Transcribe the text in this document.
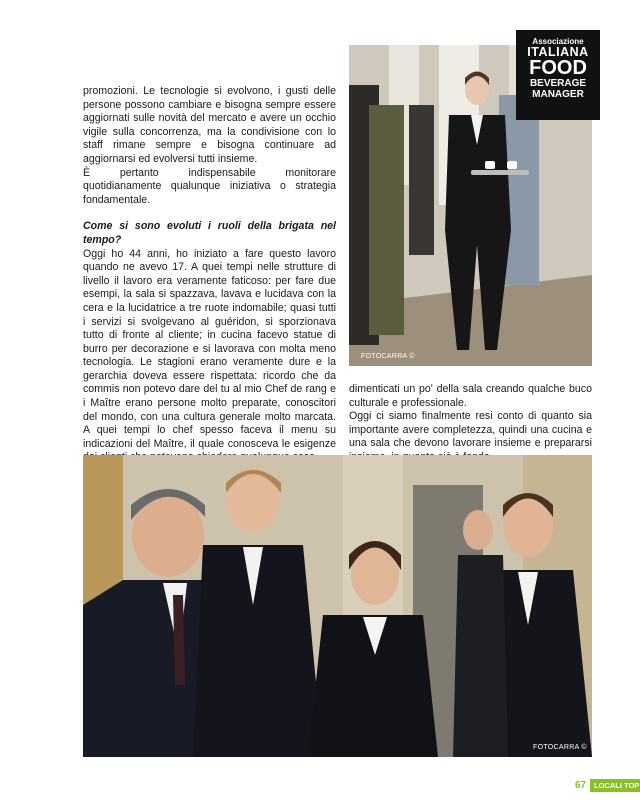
FOTOCARRA ©
Associazione
ITALIANA
FOOD
BEVERAGE
MANAGER

promozioni. Le tecnologie si evolvono, i gusti delle persone possono cambiare e bisogna sempre essere aggiornati sulle novità del mercato e avere un occhio vigile sulla concorrenza, ma la condivisione con lo staff rimane sempre e bisogna continuare ad aggiornarsi ed evolversi tutti insieme.

È pertanto indispensabile monitorare quotidianamente qualunque iniziativa o strategia fondamentale.

Come si sono evoluti i ruoli della brigata nel tempo?

Oggi ho 44 anni, ho iniziato a fare questo lavoro quando ne avevo 17. A quei tempi nelle strutture di livello il lavoro era veramente faticoso: per fare due esempi, la sala si spazzava, lavava e lucidava con la cera e la lucidatrice a tre ruote indomabile; quasi tutti i servizi si svolgevano al guéridon, si sporzionava tutto di fronte al cliente; in cucina facevo statue di burro per decorazione e si lavorava con molta meno tecnologia. Le stagioni erano veramente dure e la gerarchia doveva essere rispettata: ricordo che da commis non potevo dare del tu al mio Chef de rang e i Maître erano persone molto preparate, conoscitori del mondo, con una cultura generale molto marcata. A quei tempi lo chef spesso faceva il menu su indicazioni del Maître, il quale conosceva le esigenze

dimenticati un po' della sala creando qualche buco culturale e professionale.

Oggi ci siamo finalmente resi conto di quanto sia importante avere completezza, quindi una cucina e una sala che devono lavorare insieme e prepararsi

FOTOCARRA ©
67	LOCALI TOP
